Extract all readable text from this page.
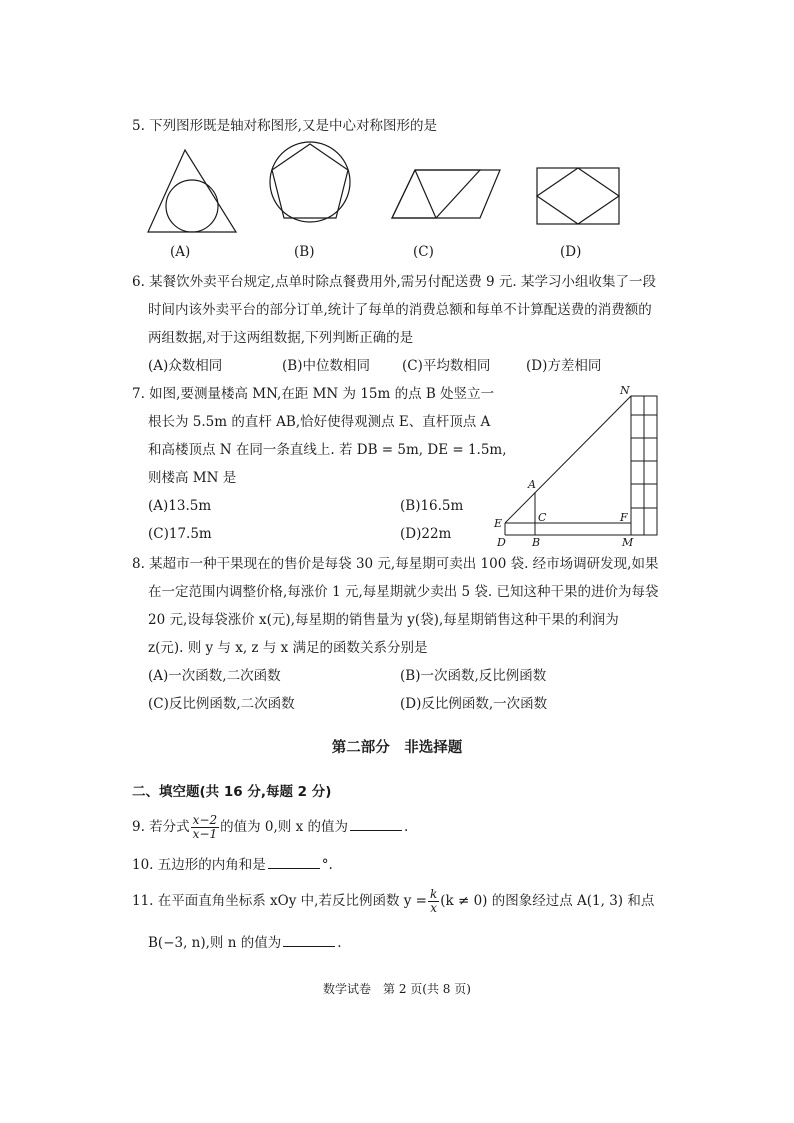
5. 下列图形既是轴对称图形,又是中心对称图形的是
(A)	(B)	(C)	(D)
6. 某餐饮外卖平台规定,点单时除点餐费用外,需另付配送费 9 元. 某学习小组收集了一段
时间内该外卖平台的部分订单,统计了每单的消费总额和每单不计算配送费的消费额的
两组数据,对于这两组数据,下列判断正确的是
(A)众数相同	(B)中位数相同	(C)平均数相同	(D)方差相同
7. 如图,要测量楼高 MN,在距 MN 为 15m 的点 B 处竖立一
根长为 5.5m 的直杆 AB,恰好使得观测点 E、直杆顶点 A
和高楼顶点 N 在同一条直线上. 若 DB = 5m, DE = 1.5m,
则楼高 MN 是
(A)13.5m	(B)16.5m
(C)17.5m	(D)22m
N
A
C
E	F
D B	M
8. 某超市一种干果现在的售价是每袋 30 元,每星期可卖出 100 袋. 经市场调研发现,如果
在一定范围内调整价格,每涨价 1 元,每星期就少卖出 5 袋. 已知这种干果的进价为每袋
20 元,设每袋涨价 x(元),每星期的销售量为 y(袋),每星期销售这种干果的利润为
z(元). 则 y 与 x, z 与 x 满足的函数关系分别是
(A)一次函数,二次函数	(B)一次函数,反比例函数
(C)反比例函数,二次函数	(D)反比例函数,一次函数
第二部分　非选择题
二、填空题(共 16 分,每题 2 分)
9. 若分式 $\frac{x-2}{x-1}$ 的值为 0,则 x 的值为	.
10. 五边形的内角和是	°.
11. 在平面直角坐标系 xOy 中,若反比例函数 $y = \frac{k}{x} (k \ne 0)$ 的图象经过点 A(1, 3) 和点
B(−3, n),则 n 的值为	.
数学试卷　第 2 页(共 8 页)
